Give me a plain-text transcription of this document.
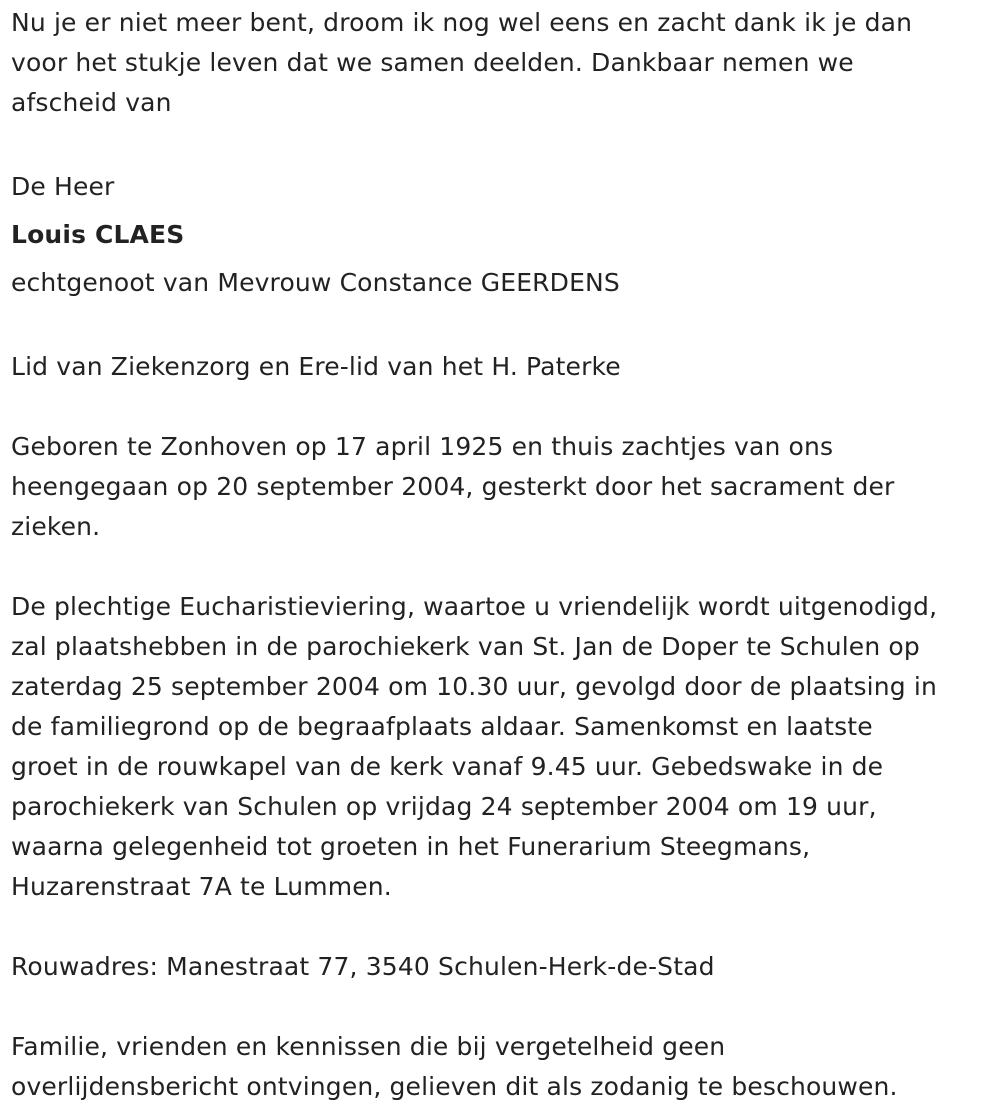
Nu je er niet meer bent, droom ik nog wel eens en zacht dank ik je dan
voor het stukje leven dat we samen deelden. Dankbaar nemen we
afscheid van

De Heer

Louis CLAES

echtgenoot van Mevrouw Constance GEERDENS

Lid van Ziekenzorg en Ere-lid van het H. Paterke

Geboren te Zonhoven op 17 april 1925 en thuis zachtjes van ons
heengegaan op 20 september 2004, gesterkt door het sacrament der
zieken.

De plechtige Eucharistieviering, waartoe u vriendelijk wordt uitgenodigd,
zal plaatshebben in de parochiekerk van St. Jan de Doper te Schulen op
zaterdag 25 september 2004 om 10.30 uur, gevolgd door de plaatsing in
de familiegrond op de begraafplaats aldaar. Samenkomst en laatste
groet in de rouwkapel van de kerk vanaf 9.45 uur. Gebedswake in de
parochiekerk van Schulen op vrijdag 24 september 2004 om 19 uur,
waarna gelegenheid tot groeten in het Funerarium Steegmans,
Huzarenstraat 7A te Lummen.

Rouwadres: Manestraat 77, 3540 Schulen-Herk-de-Stad

Familie, vrienden en kennissen die bij vergetelheid geen
overlijdensbericht ontvingen, gelieven dit als zodanig te beschouwen.
